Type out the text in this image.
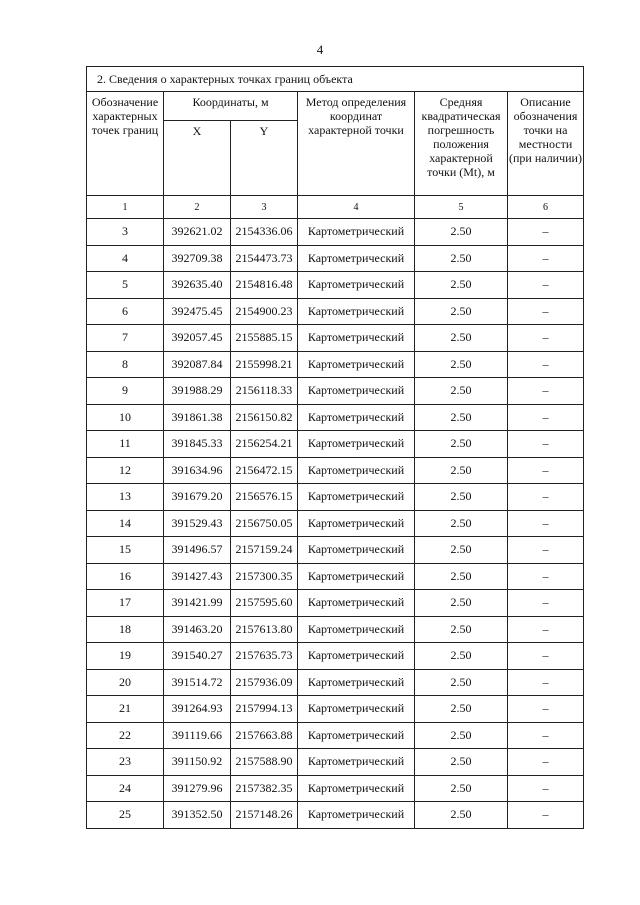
4
2. Сведения о характерных точках границ объекта					
Обозначение характерных точек границ	Координаты, м		Метод определения координат характерной точки	Средняя квадратическая погрешность положения характерной точки (Mt), м	Описание обозначения точки на местности (при наличии)
	X	Y			
1	2	3	4	5	6
3	392621.02	2154336.06	Картометрический	2.50	–
4	392709.38	2154473.73	Картометрический	2.50	–
5	392635.40	2154816.48	Картометрический	2.50	–
6	392475.45	2154900.23	Картометрический	2.50	–
7	392057.45	2155885.15	Картометрический	2.50	–
8	392087.84	2155998.21	Картометрический	2.50	–
9	391988.29	2156118.33	Картометрический	2.50	–
10	391861.38	2156150.82	Картометрический	2.50	–
11	391845.33	2156254.21	Картометрический	2.50	–
12	391634.96	2156472.15	Картометрический	2.50	–
13	391679.20	2156576.15	Картометрический	2.50	–
14	391529.43	2156750.05	Картометрический	2.50	–
15	391496.57	2157159.24	Картометрический	2.50	–
16	391427.43	2157300.35	Картометрический	2.50	–
17	391421.99	2157595.60	Картометрический	2.50	–
18	391463.20	2157613.80	Картометрический	2.50	–
19	391540.27	2157635.73	Картометрический	2.50	–
20	391514.72	2157936.09	Картометрический	2.50	–
21	391264.93	2157994.13	Картометрический	2.50	–
22	391119.66	2157663.88	Картометрический	2.50	–
23	391150.92	2157588.90	Картометрический	2.50	–
24	391279.96	2157382.35	Картометрический	2.50	–
25	391352.50	2157148.26	Картометрический	2.50	–
